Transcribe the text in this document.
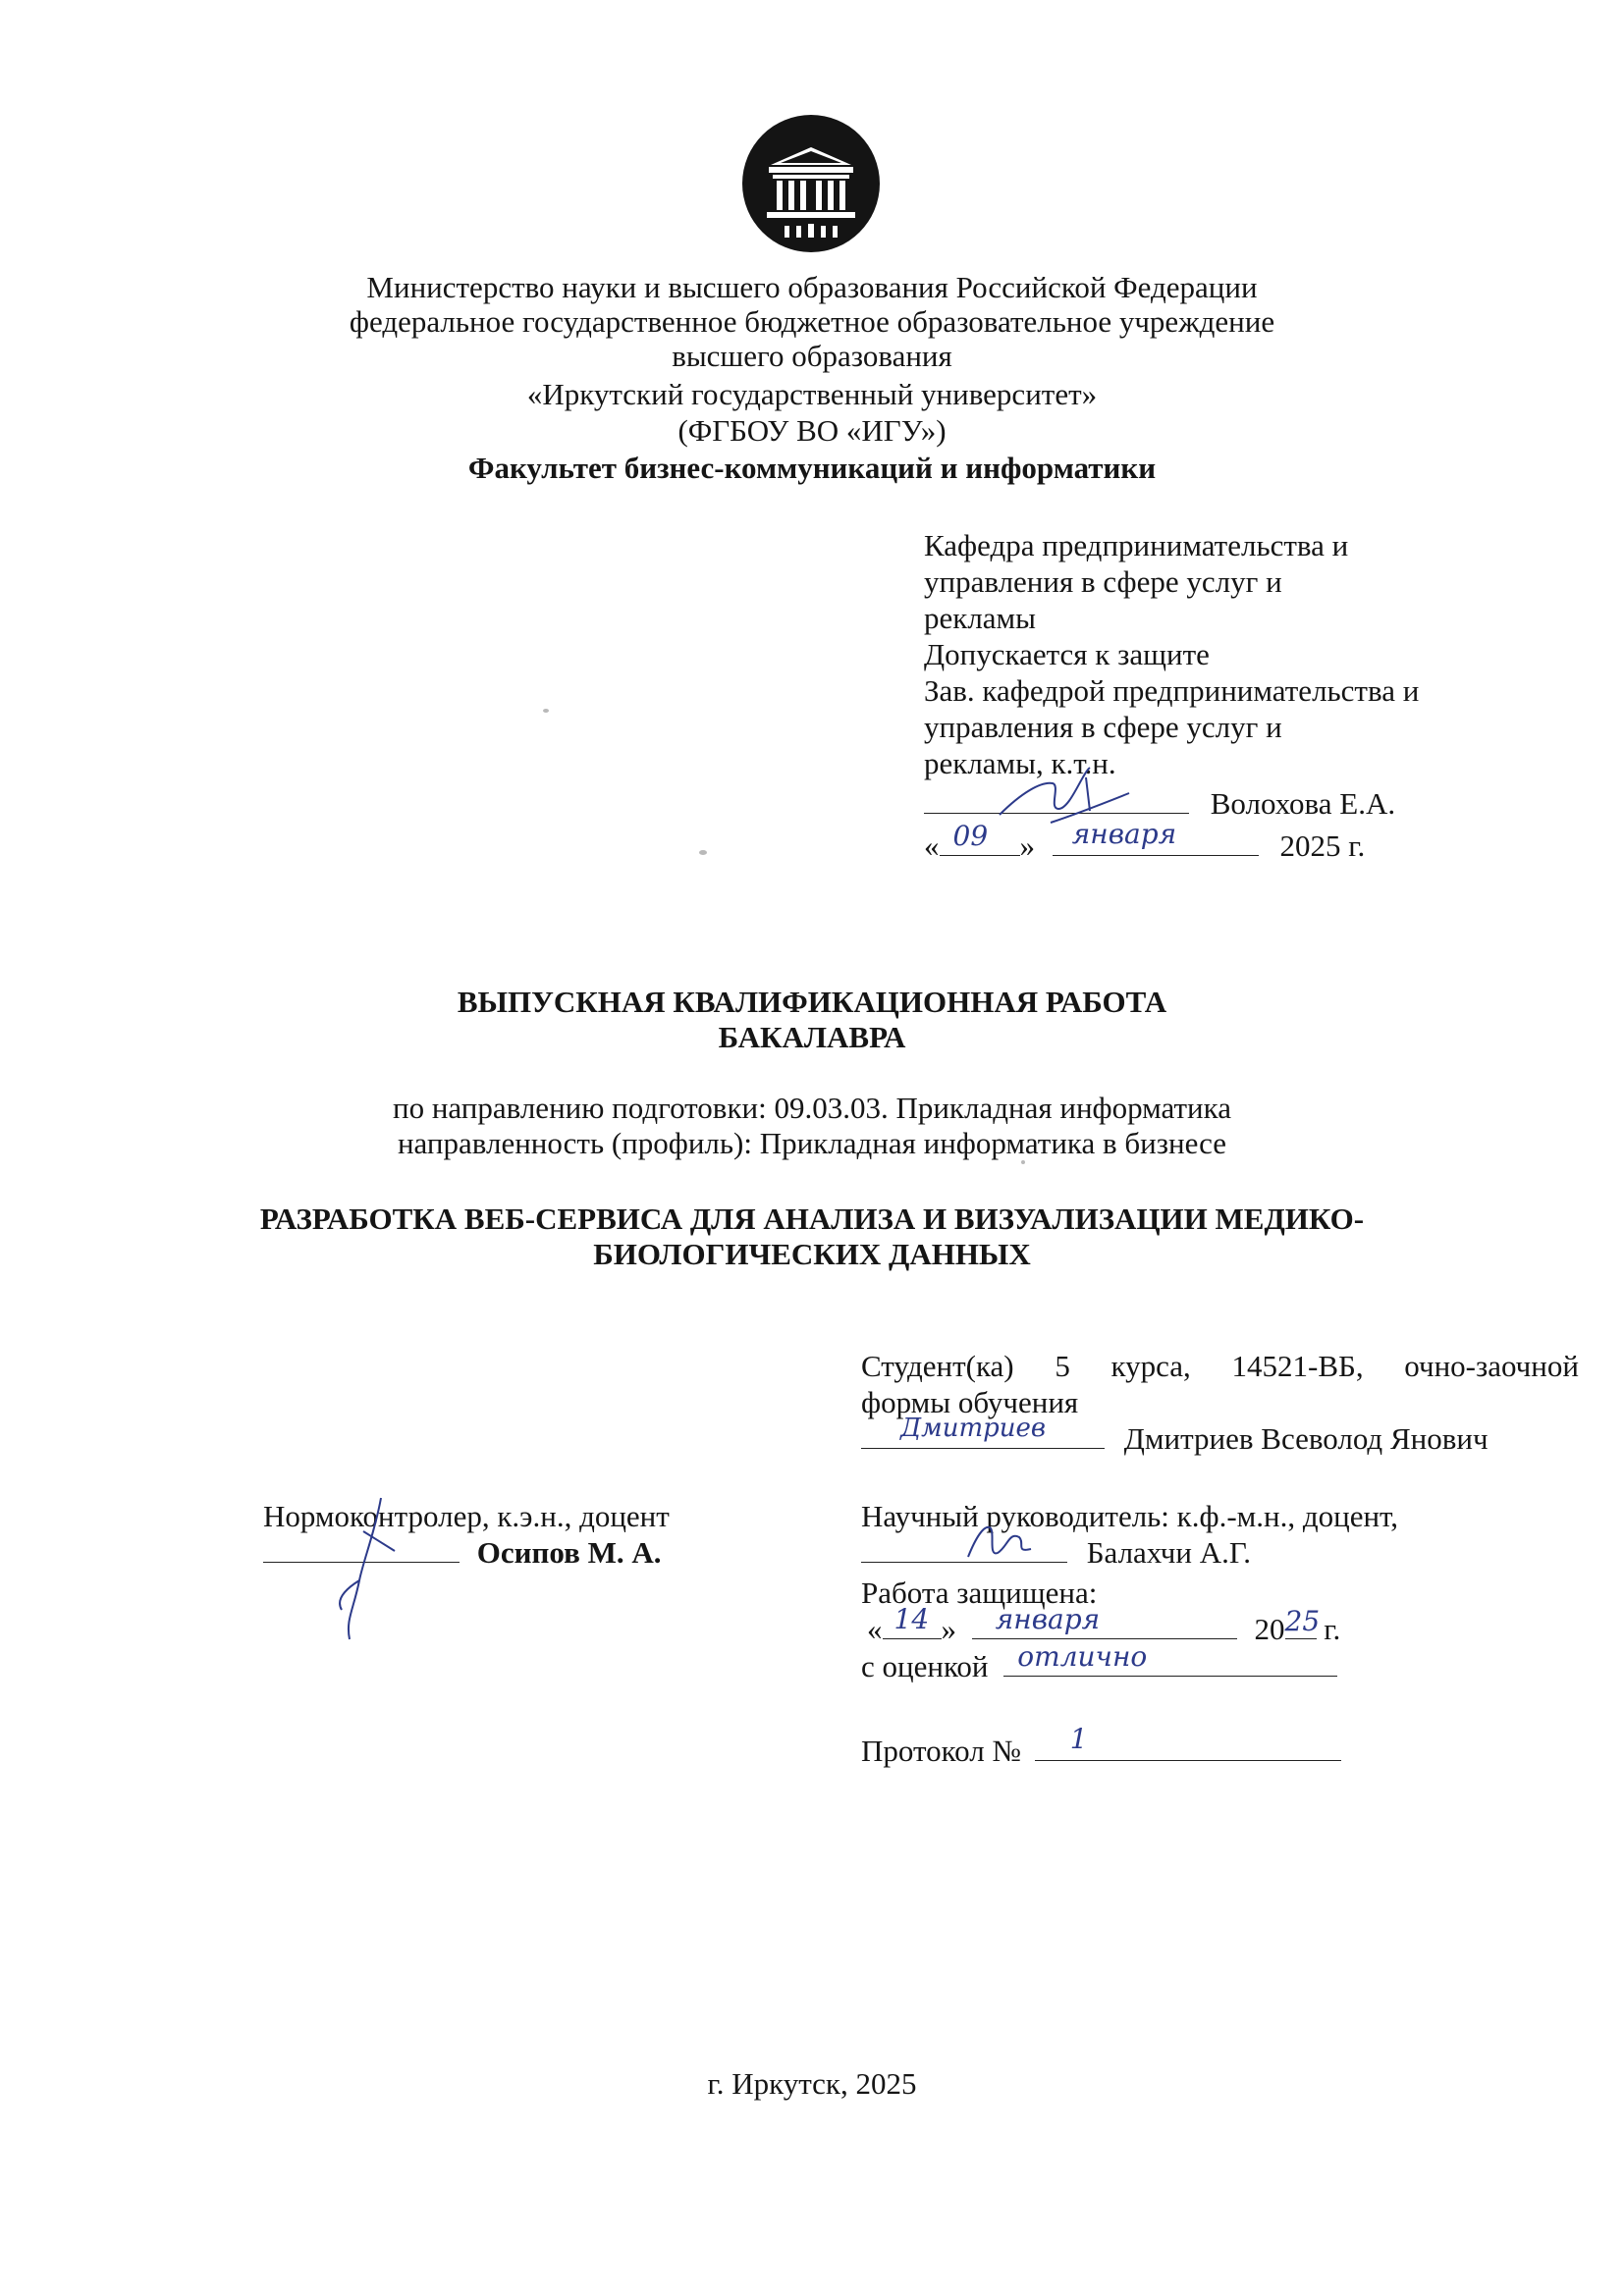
Министерство науки и высшего образования Российской Федерации
федеральное государственное бюджетное образовательное учреждение
высшего образования
«Иркутский государственный университет»
(ФГБОУ ВО «ИГУ»)
Факультет бизнес-коммуникаций и информатики
Кафедра предпринимательства и
управления в сфере услуг и
рекламы
Допускается к защите
Зав. кафедрой предпринимательства и
управления в сфере услуг и
рекламы, к.т.н.
Волохова Е.А.
« 09 » января	2025 г.
ВЫПУСКНАЯ КВАЛИФИКАЦИОННАЯ РАБОТА
БАКАЛАВРА
по направлению подготовки: 09.03.03. Прикладная информатика
направленность (профиль): Прикладная информатика в бизнесе
РАЗРАБОТКА ВЕБ-СЕРВИСА ДЛЯ АНАЛИЗА И ВИЗУАЛИЗАЦИИ МЕДИКО-
БИОЛОГИЧЕСКИХ ДАННЫХ
Студент(ка) 5 курса, 14521-ВБ, очно-заочной
формы обучения
Дмитриев	Дмитриев Всеволод Янович
Нормоконтролер, к.э.н., доцент
Осипов М. А.
Научный руководитель: к.ф.-м.н., доцент,
Балахчи А.Г.
Работа защищена:
« 14 » января	20 25 г.
с оценкой отлично
Протокол № 1
г. Иркутск, 2025
